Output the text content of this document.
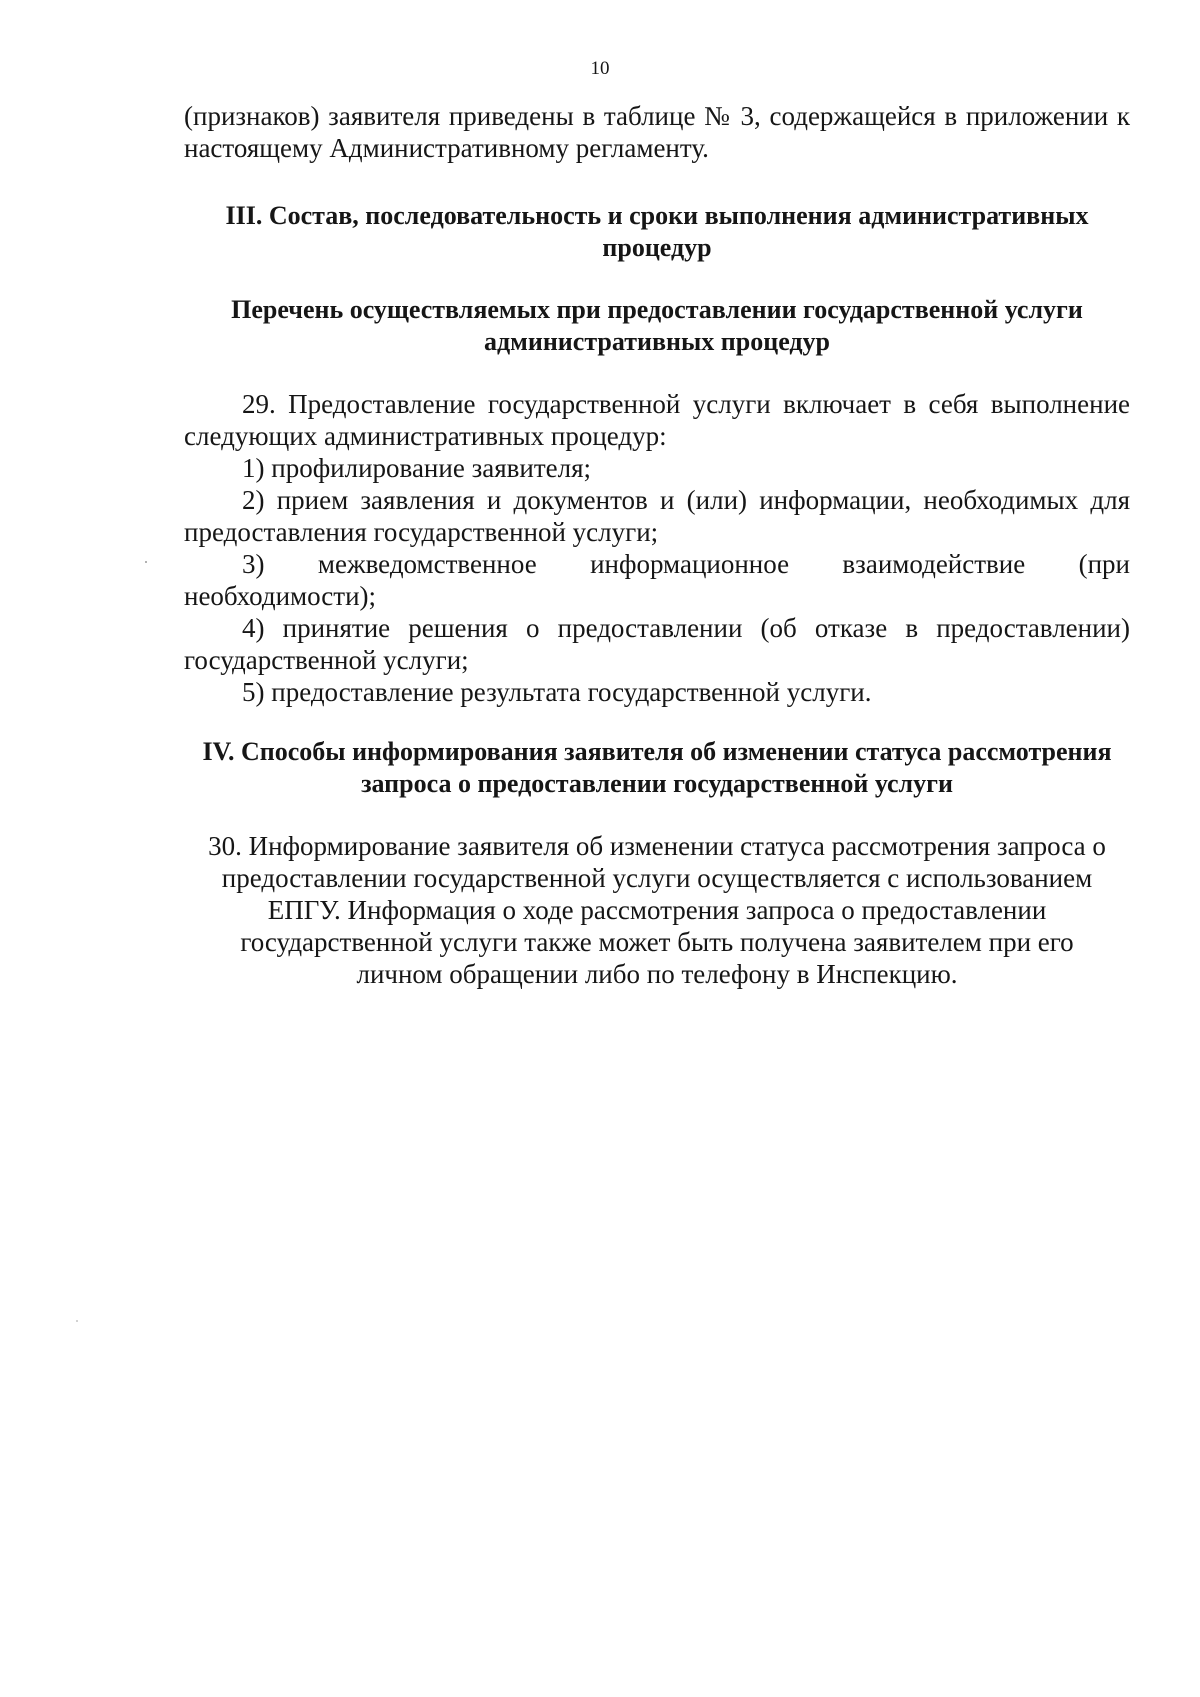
10

(признаков) заявителя приведены в таблице № 3, содержащейся в приложении к настоящему Административному регламенту.

III. Состав, последовательность и сроки выполнения административных процедур
Перечень осуществляемых при предоставлении государственной услуги административных процедур

29. Предоставление государственной услуги включает в себя выполнение следующих административных процедур:

1) профилирование заявителя;
2) прием заявления и документов и (или) информации, необходимых для предоставления государственной услуги;
3) межведомственное информационное взаимодействие (при необходимости);
4) принятие решения о предоставлении (об отказе в предоставлении) государственной услуги;
5) предоставление результата государственной услуги.
IV. Способы информирования заявителя об изменении статуса рассмотрения запроса о предоставлении государственной услуги

30. Информирование заявителя об изменении статуса рассмотрения запроса о предоставлении государственной услуги осуществляется с использованием ЕПГУ. Информация о ходе рассмотрения запроса о предоставлении государственной услуги также может быть получена заявителем при его личном обращении либо по телефону в Инспекцию.
